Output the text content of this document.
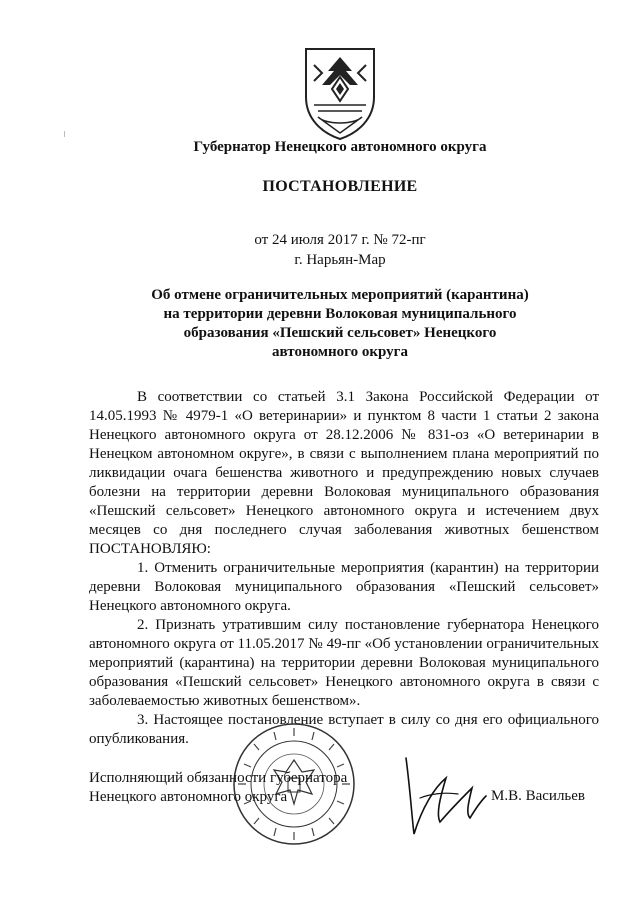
Губернатор Ненецкого автономного округа
ПОСТАНОВЛЕНИЕ
от 24 июля 2017 г. № 72-пг
г. Нарьян-Мар
Об отмене ограничительных мероприятий (карантина) на территории деревни Волоковая муниципального образования «Пешский сельсовет» Ненецкого автономного округа

В соответствии со статьей 3.1 Закона Российской Федерации от 14.05.1993 № 4979-1 «О ветеринарии» и пунктом 8 части 1 статьи 2 закона Ненецкого автономного округа от 28.12.2006 № 831-оз «О ветеринарии в Ненецком автономном округе», в связи с выполнением плана мероприятий по ликвидации очага бешенства животного и предупреждению новых случаев болезни на территории деревни Волоковая муниципального образования «Пешский сельсовет» Ненецкого автономного округа и истечением двух месяцев со дня последнего случая заболевания животных бешенством ПОСТАНОВЛЯЮ:

1. Отменить ограничительные мероприятия (карантин) на территории деревни Волоковая муниципального образования «Пешский сельсовет» Ненецкого автономного округа.

2. Признать утратившим силу постановление губернатора Ненецкого автономного округа от 11.05.2017 № 49-пг «Об установлении ограничительных мероприятий (карантина) на территории деревни Волоковая муниципального образования «Пешский сельсовет» Ненецкого автономного округа в связи с заболеваемостью животных бешенством».

3. Настоящее постановление вступает в силу со дня его официального опубликования.

Исполняющий обязанности губернатора
Ненецкого автономного округа	М.В. Васильев
